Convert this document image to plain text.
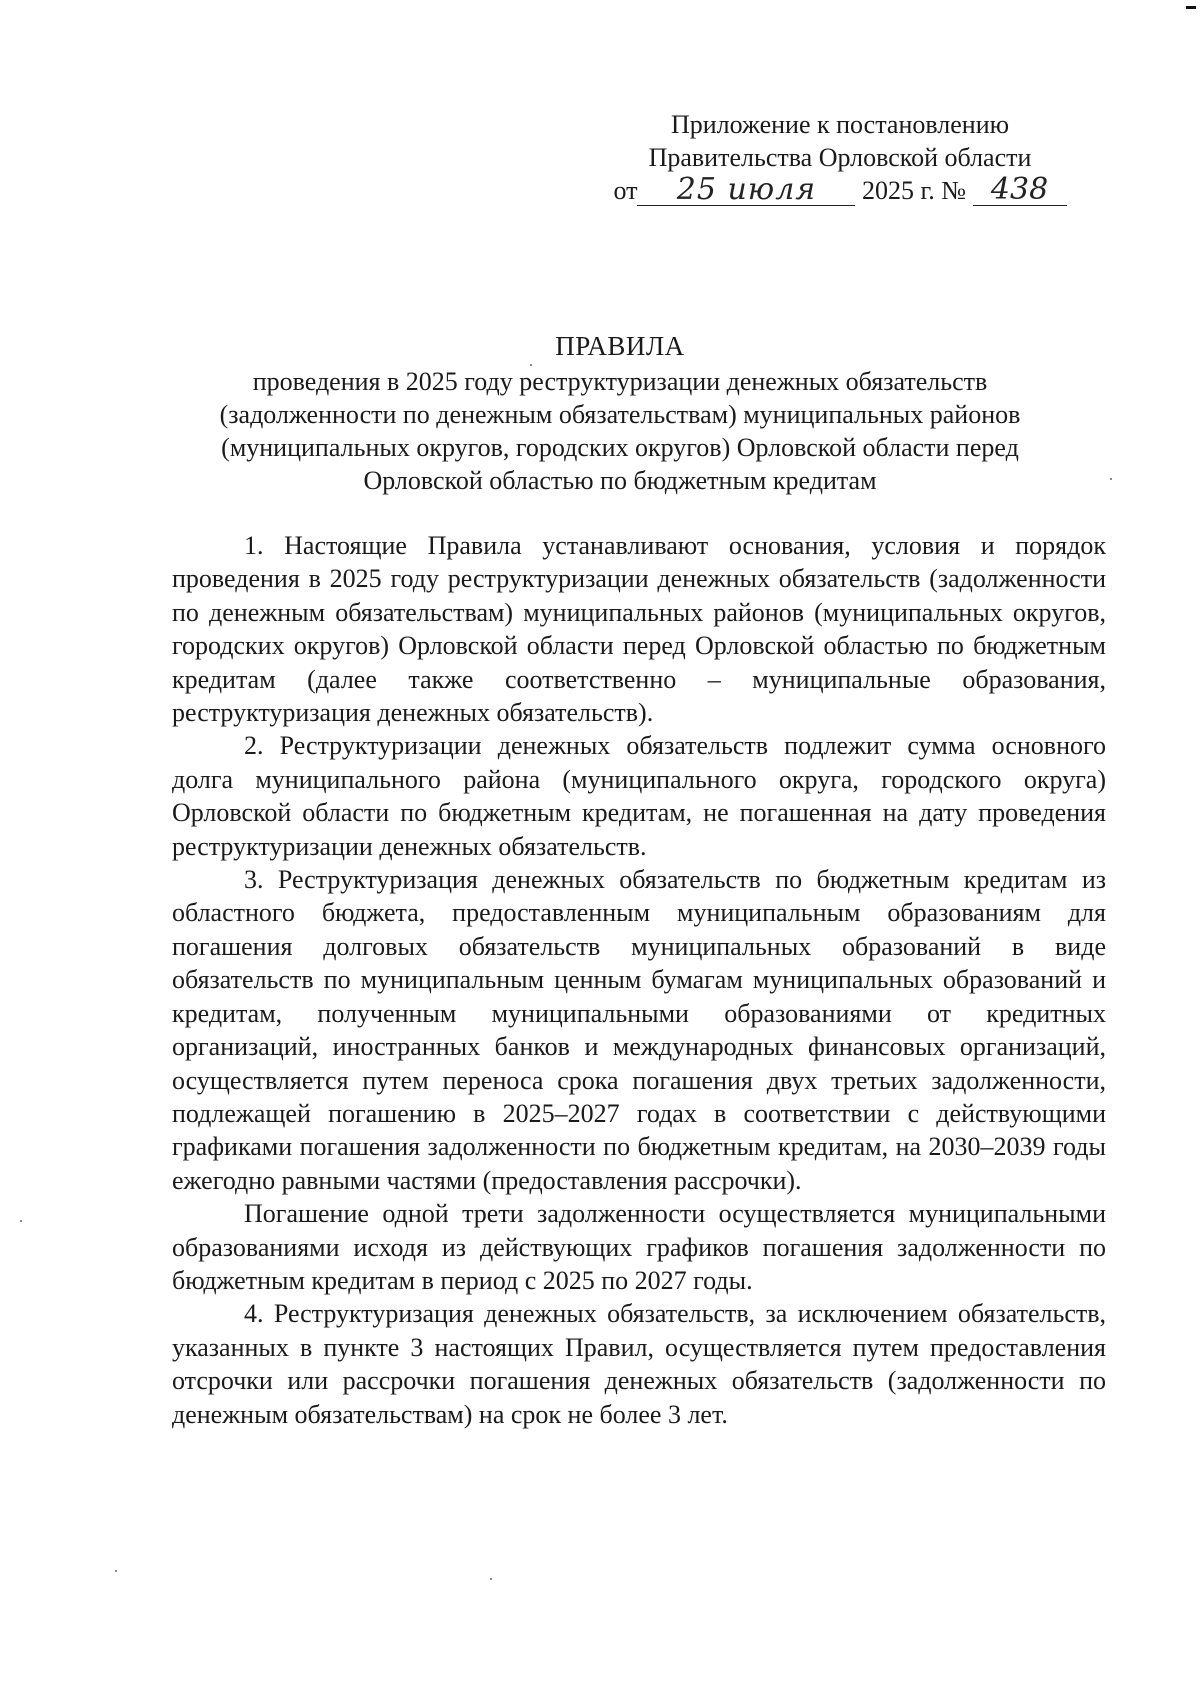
Приложение к постановлению
Правительства Орловской области
от 25 июля 2025 г. № 438
ПРАВИЛА
проведения в 2025 году реструктуризации денежных обязательств
(задолженности по денежным обязательствам) муниципальных районов
(муниципальных округов, городских округов) Орловской области перед
Орловской областью по бюджетным кредитам

1. Настоящие Правила устанавливают основания, условия и порядок проведения в 2025 году реструктуризации денежных обязательств (задолженности по денежным обязательствам) муниципальных районов (муниципальных округов, городских округов) Орловской области перед Орловской областью по бюджетным кредитам (далее также соответственно – муниципальные образования, реструктуризация денежных обязательств).

2. Реструктуризации денежных обязательств подлежит сумма основного долга муниципального района (муниципального округа, городского округа) Орловской области по бюджетным кредитам, не погашенная на дату проведения реструктуризации денежных обязательств.

3. Реструктуризация денежных обязательств по бюджетным кредитам из областного бюджета, предоставленным муниципальным образованиям для погашения долговых обязательств муниципальных образований в виде обязательств по муниципальным ценным бумагам муниципальных образований и кредитам, полученным муниципальными образованиями от кредитных организаций, иностранных банков и международных финансовых организаций, осуществляется путем переноса срока погашения двух третьих задолженности, подлежащей погашению в 2025–2027 годах в соответствии с действующими графиками погашения задолженности по бюджетным кредитам, на 2030–2039 годы ежегодно равными частями (предоставления рассрочки).

Погашение одной трети задолженности осуществляется муниципальными образованиями исходя из действующих графиков погашения задолженности по бюджетным кредитам в период с 2025 по 2027 годы.

4. Реструктуризация денежных обязательств, за исключением обязательств, указанных в пункте 3 настоящих Правил, осуществляется путем предоставления отсрочки или рассрочки погашения денежных обязательств (задолженности по денежным обязательствам) на срок не более 3 лет.
